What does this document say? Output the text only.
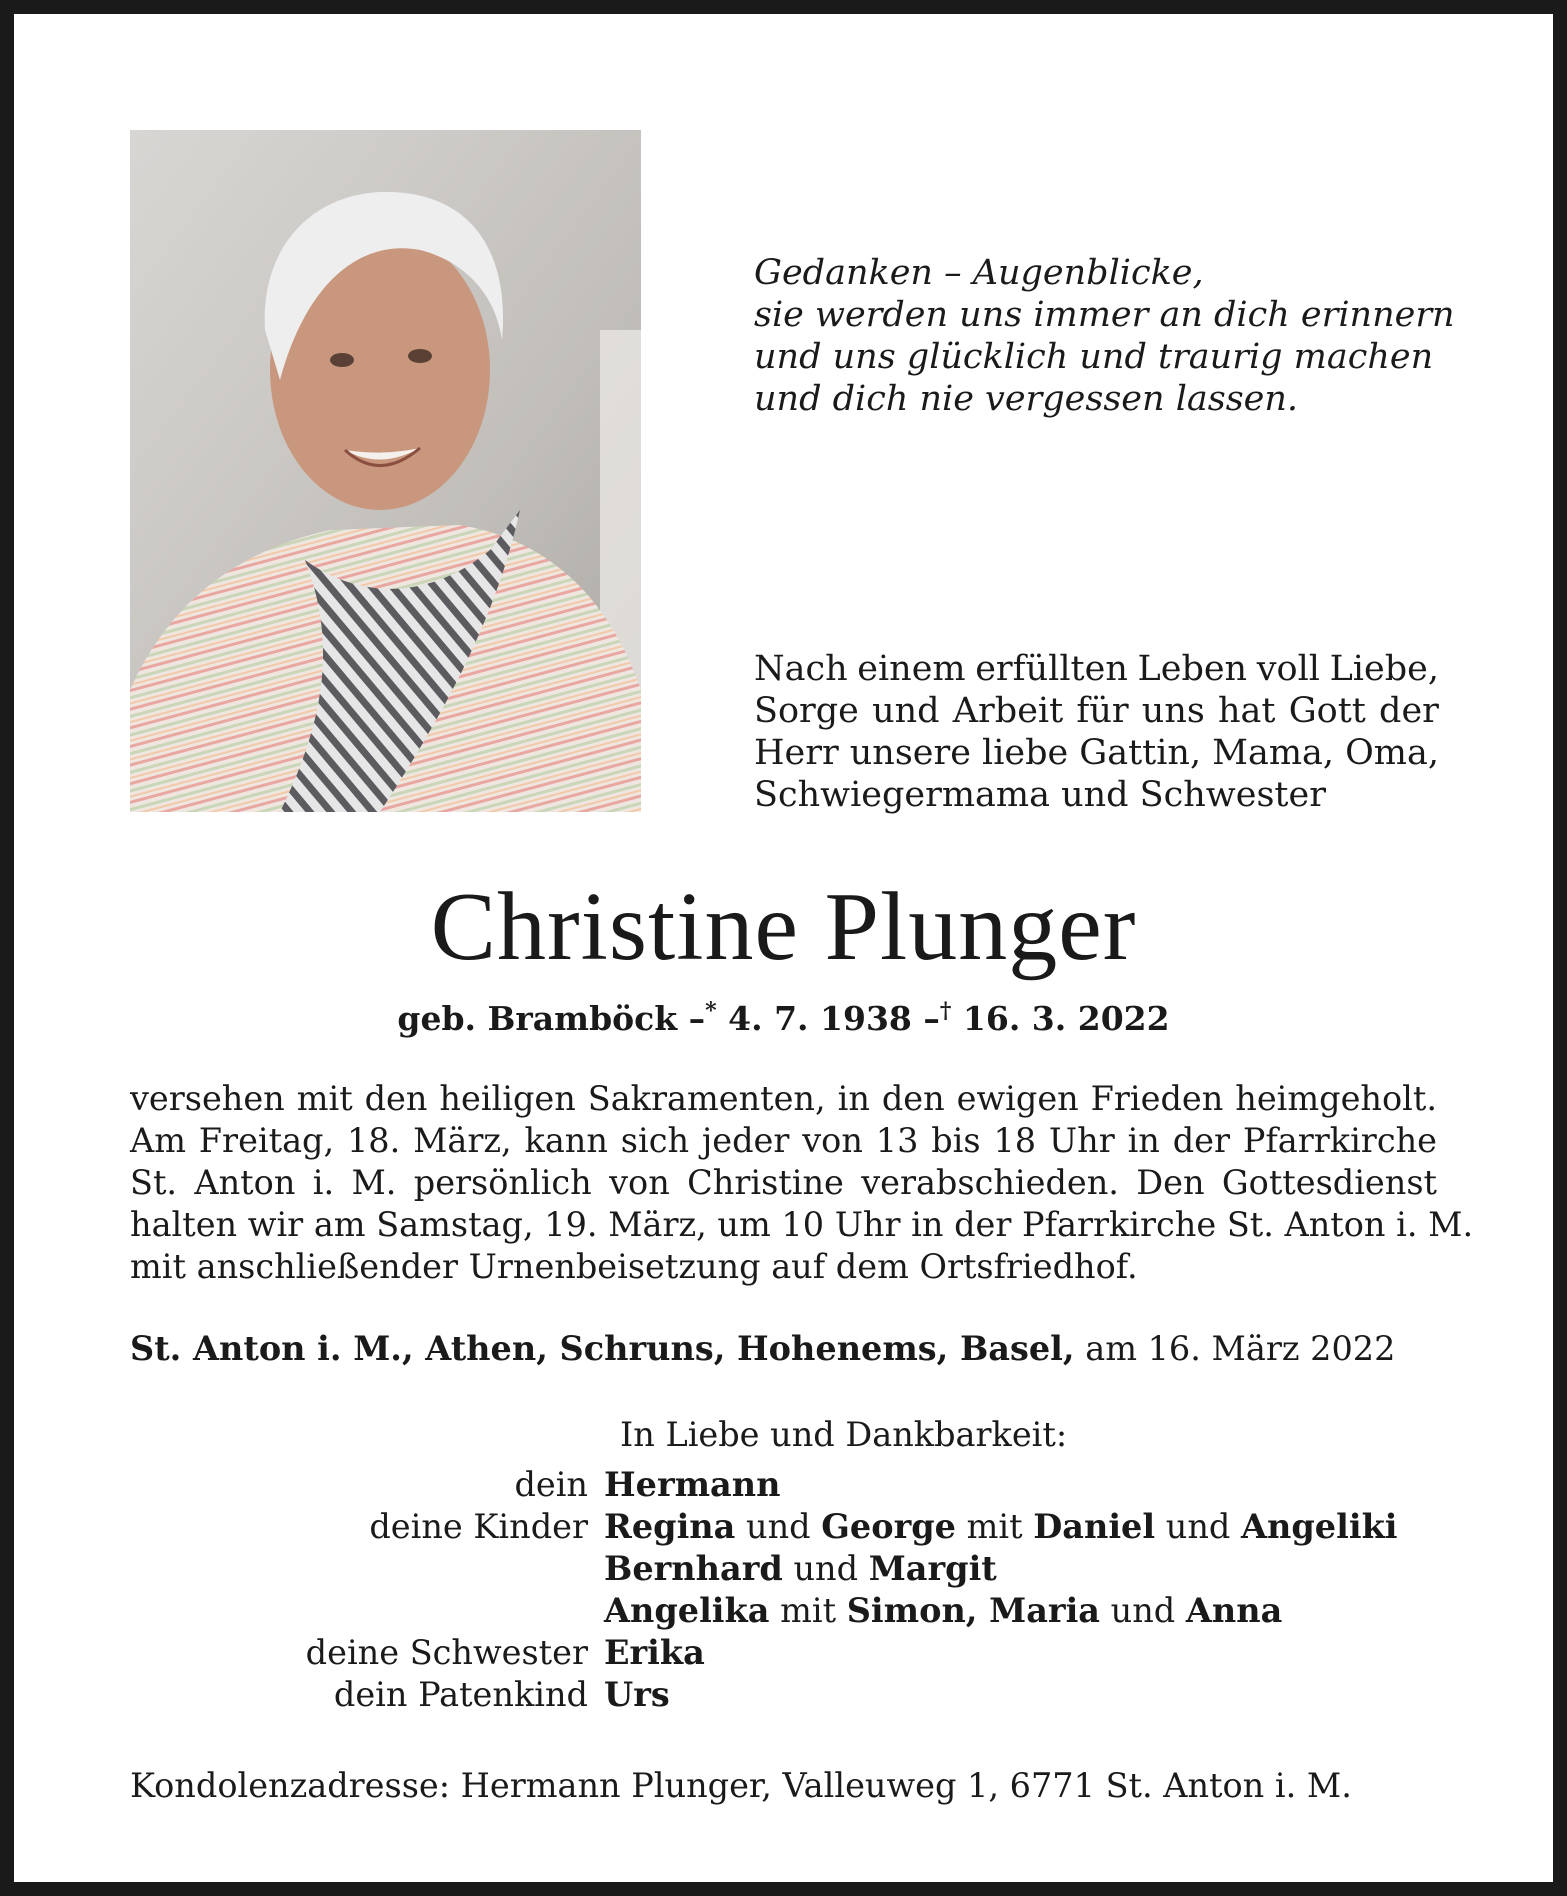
Gedanken – Augenblicke,
sie werden uns immer an dich erinnern
und uns glücklich und traurig machen
und dich nie vergessen lassen.
Nach einem erfüllten Leben voll Liebe,
Sorge und Arbeit für uns hat Gott der
Herr unsere liebe Gattin, Mama, Oma,
Schwiegermama und Schwester
Christine Plunger
geb. Bramböck –* 4. 7. 1938 –† 16. 3. 2022
versehen mit den heiligen Sakramenten, in den ewigen Frieden heimgeholt.
Am Freitag, 18. März, kann sich jeder von 13 bis 18 Uhr in der Pfarrkirche
St. Anton i. M. persönlich von Christine verabschieden. Den Gottesdienst
halten wir am Samstag, 19. März, um 10 Uhr in der Pfarrkirche St. Anton i. M.
mit anschließender Urnenbeisetzung auf dem Ortsfriedhof.
St. Anton i. M., Athen, Schruns, Hohenems, Basel, am 16. März 2022
In Liebe und Dankbarkeit:
dein Hermann
deine Kinder Regina und George mit Daniel und Angeliki
Bernhard und Margit
Angelika mit Simon, Maria und Anna
deine Schwester Erika
dein Patenkind Urs
Kondolenzadresse: Hermann Plunger, Valleuweg 1, 6771 St. Anton i. M.
